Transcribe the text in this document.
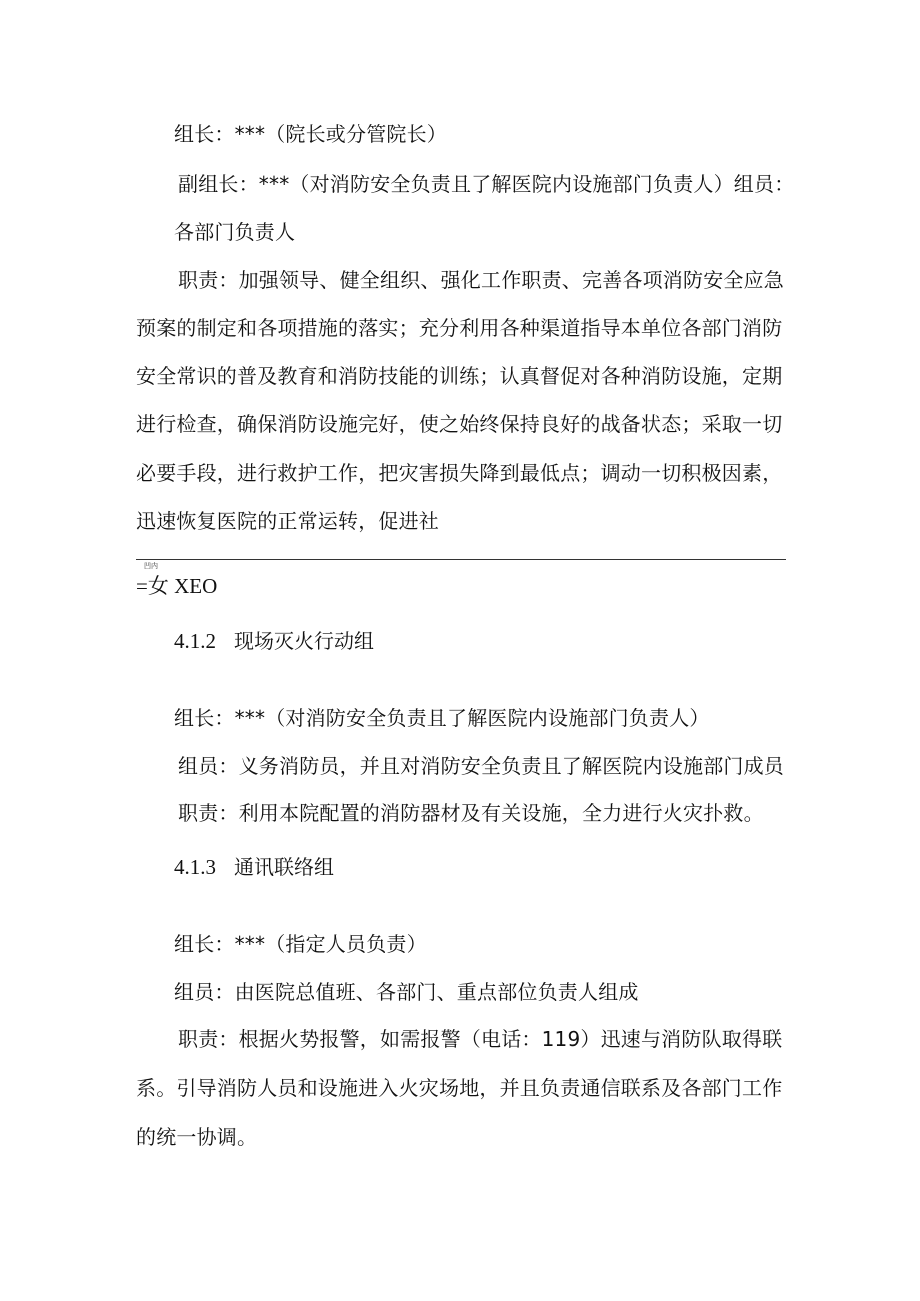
组长：***（院长或分管院长）
副组长：***（对消防安全负责且了解医院内设施部门负责人）组员：
各部门负责人
职责：加强领导、健全组织、强化工作职责、完善各项消防安全应急
预案的制定和各项措施的落实；充分利用各种渠道指导本单位各部门消防
安全常识的普及教育和消防技能的训练；认真督促对各种消防设施，定期
进行检查，确保消防设施完好，使之始终保持良好的战备状态；采取一切
必要手段，进行救护工作，把灾害损失降到最低点；调动一切积极因素，
迅速恢复医院的正常运转，促进社
凹内
=女 XEO
4.1.2 现场灭火行动组
组长：***（对消防安全负责且了解医院内设施部门负责人）
组员：义务消防员，并且对消防安全负责且了解医院内设施部门成员
职责：利用本院配置的消防器材及有关设施，全力进行火灾扑救。
4.1.3 通讯联络组
组长：***（指定人员负责）
组员：由医院总值班、各部门、重点部位负责人组成
职责：根据火势报警，如需报警（电话：119）迅速与消防队取得联
系。引导消防人员和设施进入火灾场地，并且负责通信联系及各部门工作
的统一协调。
